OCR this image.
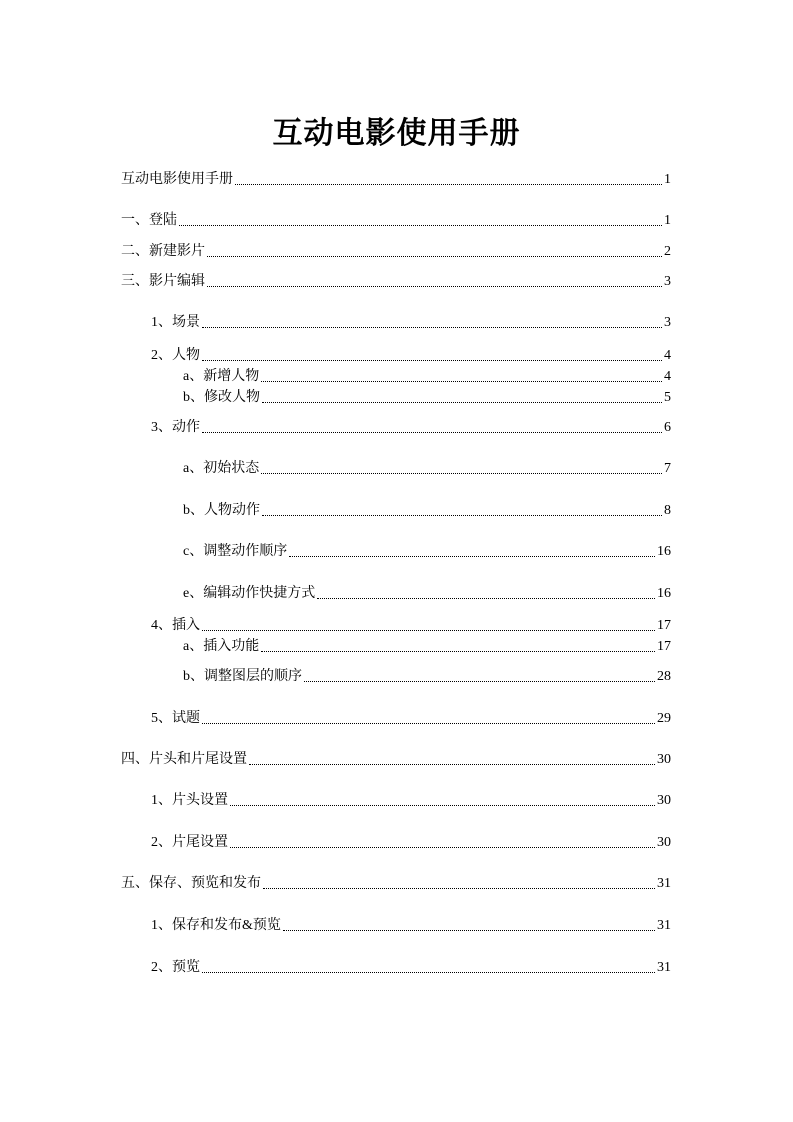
互动电影使用手册
互动电影使用手册	1
一、登陆	1
二、新建影片	2
三、影片编辑	3
1、场景	3
2、人物	4
a、新增人物	4
b、修改人物	5
3、动作	6
a、初始状态	7
b、人物动作	8
c、调整动作顺序	16
e、编辑动作快捷方式	16
4、插入	17
a、插入功能	17
b、调整图层的顺序	28
5、试题	29
四、片头和片尾设置	30
1、片头设置	30
2、片尾设置	30
五、保存、预览和发布	31
1、保存和发布&预览	31
2、预览	31
